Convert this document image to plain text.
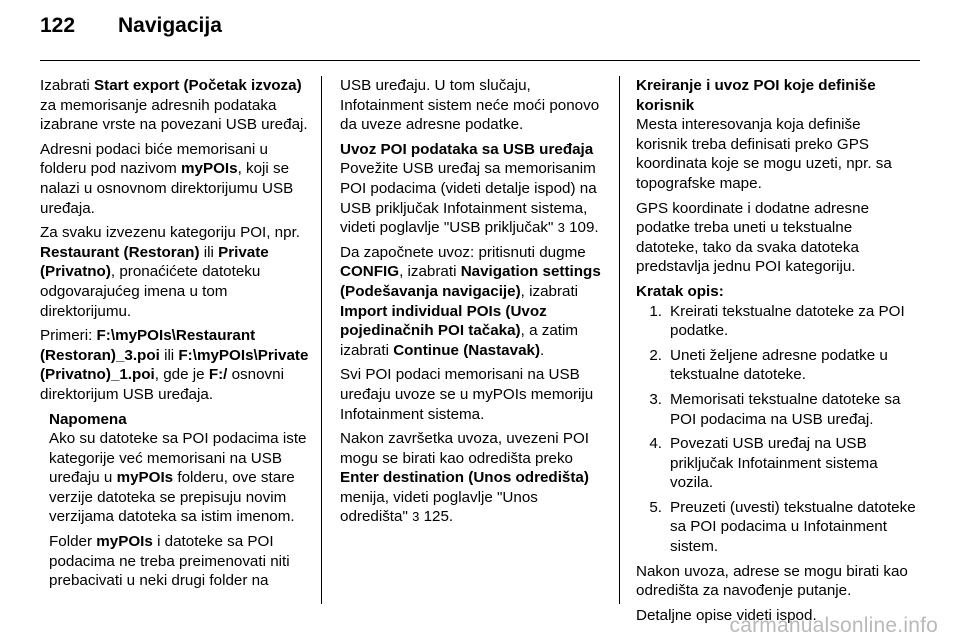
122	Navigacija

Izabrati Start export (Početak izvoza) za memorisanje adresnih podataka izabrane vrste na povezani USB uređaj.

Adresni podaci biće memorisani u folderu pod nazivom myPOIs, koji se nalazi u osnovnom direktorijumu USB uređaja.

Za svaku izvezenu kategoriju POI, npr. Restaurant (Restoran) ili Private (Privatno), pronaćićete datoteku odgovarajućeg imena u tom direktorijumu.

Primeri: F:\myPOIs\Restaurant (Restoran)_3.poi ili F:\myPOIs\Private (Privatno)_1.poi, gde je F:/ osnovni direktorijum USB uređaja.

Napomena

Ako su datoteke sa POI podacima iste kategorije već memorisani na USB uređaju u myPOIs folderu, ove stare verzije datoteka se prepisuju novim verzijama datoteka sa istim imenom.

Folder myPOIs i datoteke sa POI podacima ne treba preimenovati niti prebacivati u neki drugi folder na

USB uređaju. U tom slučaju, Infotainment sistem neće moći ponovo da uveze adresne podatke.

Uvoz POI podataka sa USB uređaja

Povežite USB uređaj sa memorisanim POI podacima (videti detalje ispod) na USB priključak Infotainment sistema, videti poglavlje "USB priključak" 3 109.

Da započnete uvoz: pritisnuti dugme CONFIG, izabrati Navigation settings (Podešavanja navigacije), izabrati Import individual POIs (Uvoz pojedinačnih POI tačaka), a zatim izabrati Continue (Nastavak).

Svi POI podaci memorisani na USB uređaju uvoze se u myPOIs memoriju Infotainment sistema.

Nakon završetka uvoza, uvezeni POI mogu se birati kao odredišta preko Enter destination (Unos odredišta) menija, videti poglavlje "Unos odredišta" 3 125.

Kreiranje i uvoz POI koje definiše korisnik

Mesta interesovanja koja definiše korisnik treba definisati preko GPS koordinata koje se mogu uzeti, npr. sa topografske mape.

GPS koordinate i dodatne adresne podatke treba uneti u tekstualne datoteke, tako da svaka datoteka predstavlja jednu POI kategoriju.

Kratak opis:

1. Kreirati tekstualne datoteke za POI podatke.
2. Uneti željene adresne podatke u tekstualne datoteke.
3. Memorisati tekstualne datoteke sa POI podacima na USB uređaj.
4. Povezati USB uređaj na USB priključak Infotainment sistema vozila.
5. Preuzeti (uvesti) tekstualne datoteke sa POI podacima u Infotainment sistem.

Nakon uvoza, adrese se mogu birati kao odredišta za navođenje putanje.

Detaljne opise videti ispod.

carmanualsonline.info
